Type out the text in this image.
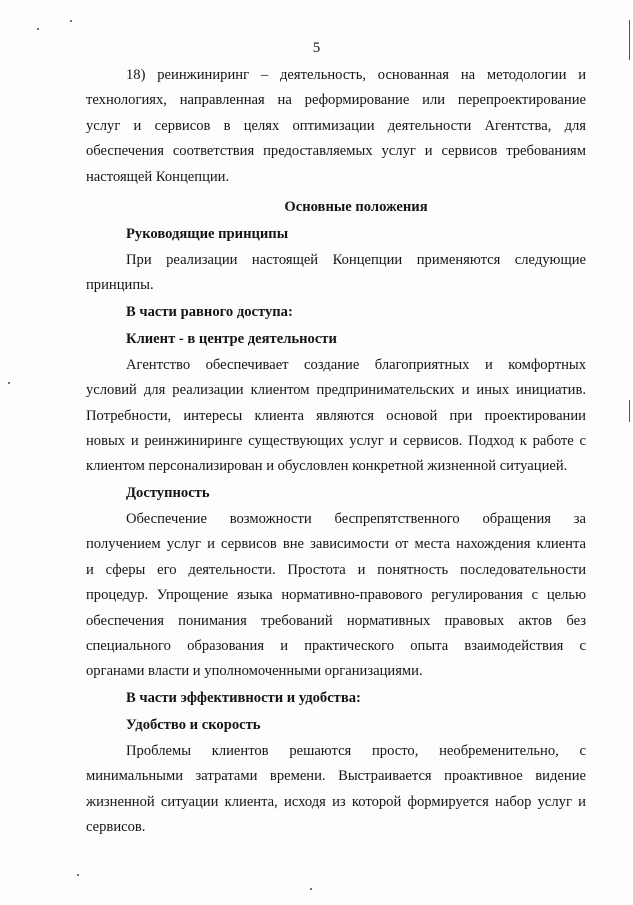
5
18) реинжиниринг – деятельность, основанная на методологии и
технологиях, направленная на реформирование или перепроектирование
услуг и сервисов в целях оптимизации деятельности Агентства, для
обеспечения соответствия предоставляемых услуг и сервисов требованиям
настоящей Концепции.
Основные положения
Руководящие принципы
При реализации настоящей Концепции применяются следующие
принципы.
В части равного доступа:
Клиент - в центре деятельности
Агентство обеспечивает создание благоприятных и комфортных
условий для реализации клиентом предпринимательских и иных инициатив.
Потребности, интересы клиента являются основой при проектировании
новых и реинжиниринге существующих услуг и сервисов. Подход к работе с
клиентом персонализирован и обусловлен конкретной жизненной ситуацией.
Доступность
Обеспечение возможности беспрепятственного обращения за
получением услуг и сервисов вне зависимости от места нахождения клиента
и сферы его деятельности. Простота и понятность последовательности
процедур. Упрощение языка нормативно-правового регулирования с целью
обеспечения понимания требований нормативных правовых актов без
специального образования и практического опыта взаимодействия с
органами власти и уполномоченными организациями.
В части эффективности и удобства:
Удобство и скорость
Проблемы клиентов решаются просто, необременительно, с
минимальными затратами времени. Выстраивается проактивное видение
жизненной ситуации клиента, исходя из которой формируется набор услуг и
сервисов.
